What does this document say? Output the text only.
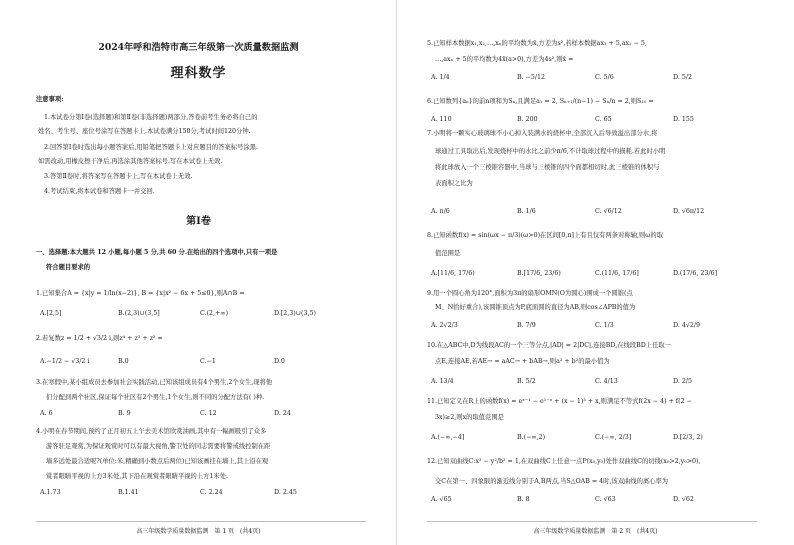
2024年呼和浩特市高三年级第一次质量数据监测
理科数学
注意事项:
1.本试卷分第Ⅰ卷(选择题)和第Ⅱ卷(非选择题)两部分,答卷前考生务必将自己的
姓名、考生号、座位号涂写在答题卡上.本试卷满分150分,考试时间120分钟.
2.回答第Ⅰ卷时选出每小题答案后,用铅笔把答题卡上对应题目的答案标号涂黑.
如需改动,用橡皮擦干净后,再选涂其他答案标号.写在本试卷上无效.
3.答第Ⅱ卷时,将答案写在答题卡上,写在本试卷上无效.
4.考试结束,将本试卷和答题卡一并交回.
第Ⅰ卷
一、选择题:本大题共 12 小题,每小题 5 分,共 60 分.在给出的四个选项中,只有一项是
符合题目要求的
1.已知集合A = {x|y = 1/ln(x−2)}, B = {x|x² − 6x + 5≤0},则A∩B =
A.[2,5]	B.(2,3)∪(3,5]	C.(2,+∞)	D.[2,3)∪(3,5)
2.若复数z = 1/2 + √3/2 i,则z⁴ + z³ + z² =
A.−1/2 − √3/2 i	B.0	C.−1	D.0
3.在寒假中,某小组成员去参加社会实践活动,已知该组成员有4个男生,2个女生,现将他
们分配到两个社区,保证每个社区有2个男生,1个女生,则不同的分配方法有( )种.
A. 6	B. 9	C. 12	D. 24
4.小明在春节期间,预约了正月初五上午去美术馆欣赏油画,其中有一幅画吸引了众多
游客驻足观赏,为保证观赏时可以有最大视角,警卫处的同志需要将警戒线控制在距
墙多远处最合适呢?(单位:米,精确到小数点后两位)已知该画挂在墙上,其上沿在观
赏者眼睛平视的上方3米处,其下沿在观赏者眼睛平视的上方1米处.
A.1.73	B.1.41	C. 2.24	D. 2.45
高三年级数学质量数据监测　第 1 页　(共4页)
5.已知样本数据x₁,x₂,…,xₙ的平均数为x̄,方差为s²,若样本数据ax₁ + 5,ax₂ − 5,
…,axₙ + 5的平均数为4x̄(a>0),方差为4s²,则x̄ =
A. 1/4	B. −5/12	C. 5/6	D. 5/2
6.已知数列{aₙ}的前n项和为Sₙ,且满足a₁ = 2, Sₙ₊₁/(n−1) − Sₙ/n = 2,则S₁₀ =
A. 110	B. 200	C. 65	D. 155
7.小明将一颗实心玻璃球不小心掉入装满水的烧杯中,全部沉入后导致溢出部分水,将
球通过工具取出后,发现烧杯中的水比之前少π/6,不计取球过程中的损耗.若此时小明
将此球放入一个三棱锥容器中,当球与三棱锥的四个面都相切时,此三棱锥的体积与
表面积之比为
A. π/6	B. 1/6	C. √6/12	D. √6π/12
8.已知函数f(x) = sin(ωx − π/3)(ω>0)在区间[0,π]上有且仅有两条对称轴,则ω的取
值范围是
A.[11/6, 17/6)	B.[17/6, 23/6)	C.(11/6, 17/6]	D.(17/6, 23/6]
9.用一个圆心角为120°,面积为3π的扇形OMN(O为圆心)围成一个圆锥(点
M、N恰好重合),该圆锥顶点为P,底面圆的直径为AB,则cos∠APB的值为
A. 2√2/3	B. 7/9	C. 1/3	D. 4√2/9
10.在△ABC中,D为线段AC的一个三等分点,|AD| = 2|DC|,连接BD,在线段BD上任取一
点E,连接AE,若AE→ = aAC→ + bAB→,则a² + b²的最小值为
A. 13/4	B. 5/2	C. 4/13	D. 2/5
11.已知定义在R上的函数f(x) = eˣ⁻¹ − e¹⁻ˣ + (x − 1)³ + x,则满足不等式f(2x − 4) + f(2 −
3x)≥2,则x的取值范围是
A.(−∞,−4]	B.(−∞,2)	C.(−∞, 2/3]	D.[2/3, 2)
12.已知双曲线C:x² − y²/b² = 1,在双曲线C上任意一点P(x₀,y₀)处作双曲线C的切线(x₀>2,y₀>0),
交C在第一、四象限的渐近线分别于A,B两点,当S△OAB = 4时,该双曲线的离心率为
A. √65	B. 8	C. √63	D. √62
高三年级数学质量数据监测　第 2 页　(共4页)
